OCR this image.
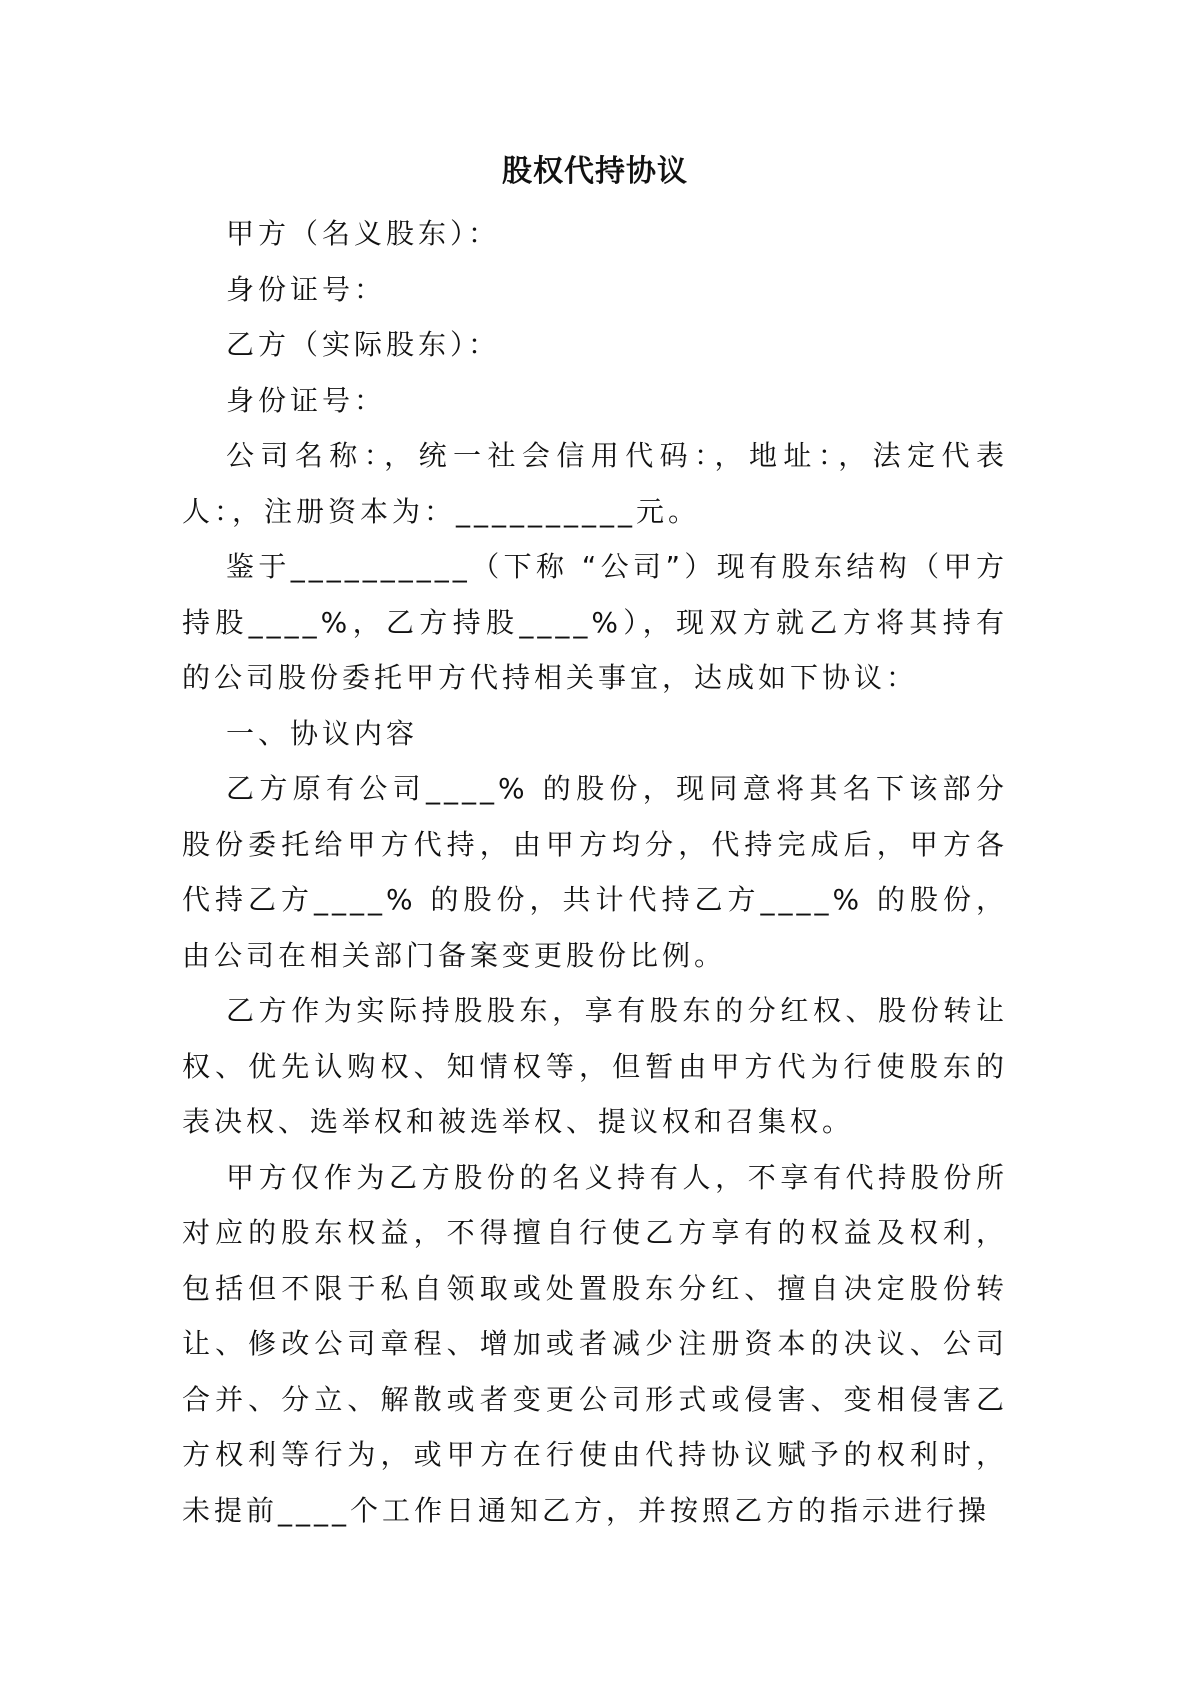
股权代持协议

甲方（名义股东）：

身份证号：

乙方（实际股东）：

身份证号：

公司名称：，统一社会信用代码：，地址：，法定代表人：，注册资本为：__________元。

鉴于__________（下称 “公司”）现有股东结构（甲方持股____%，乙方持股____%），现双方就乙方将其持有的公司股份委托甲方代持相关事宜，达成如下协议：

一、协议内容

乙方原有公司____% 的股份，现同意将其名下该部分股份委托给甲方代持，由甲方均分，代持完成后，甲方各代持乙方____% 的股份，共计代持乙方____% 的股份，由公司在相关部门备案变更股份比例。

乙方作为实际持股股东，享有股东的分红权、股份转让权、优先认购权、知情权等，但暂由甲方代为行使股东的表决权、选举权和被选举权、提议权和召集权。

甲方仅作为乙方股份的名义持有人，不享有代持股份所对应的股东权益，不得擅自行使乙方享有的权益及权利，包括但不限于私自领取或处置股东分红、擅自决定股份转让、修改公司章程、增加或者减少注册资本的决议、公司合并、分立、解散或者变更公司形式或侵害、变相侵害乙方权利等行为，或甲方在行使由代持协议赋予的权利时，未提前____个工作日通知乙方，并按照乙方的指示进行操
